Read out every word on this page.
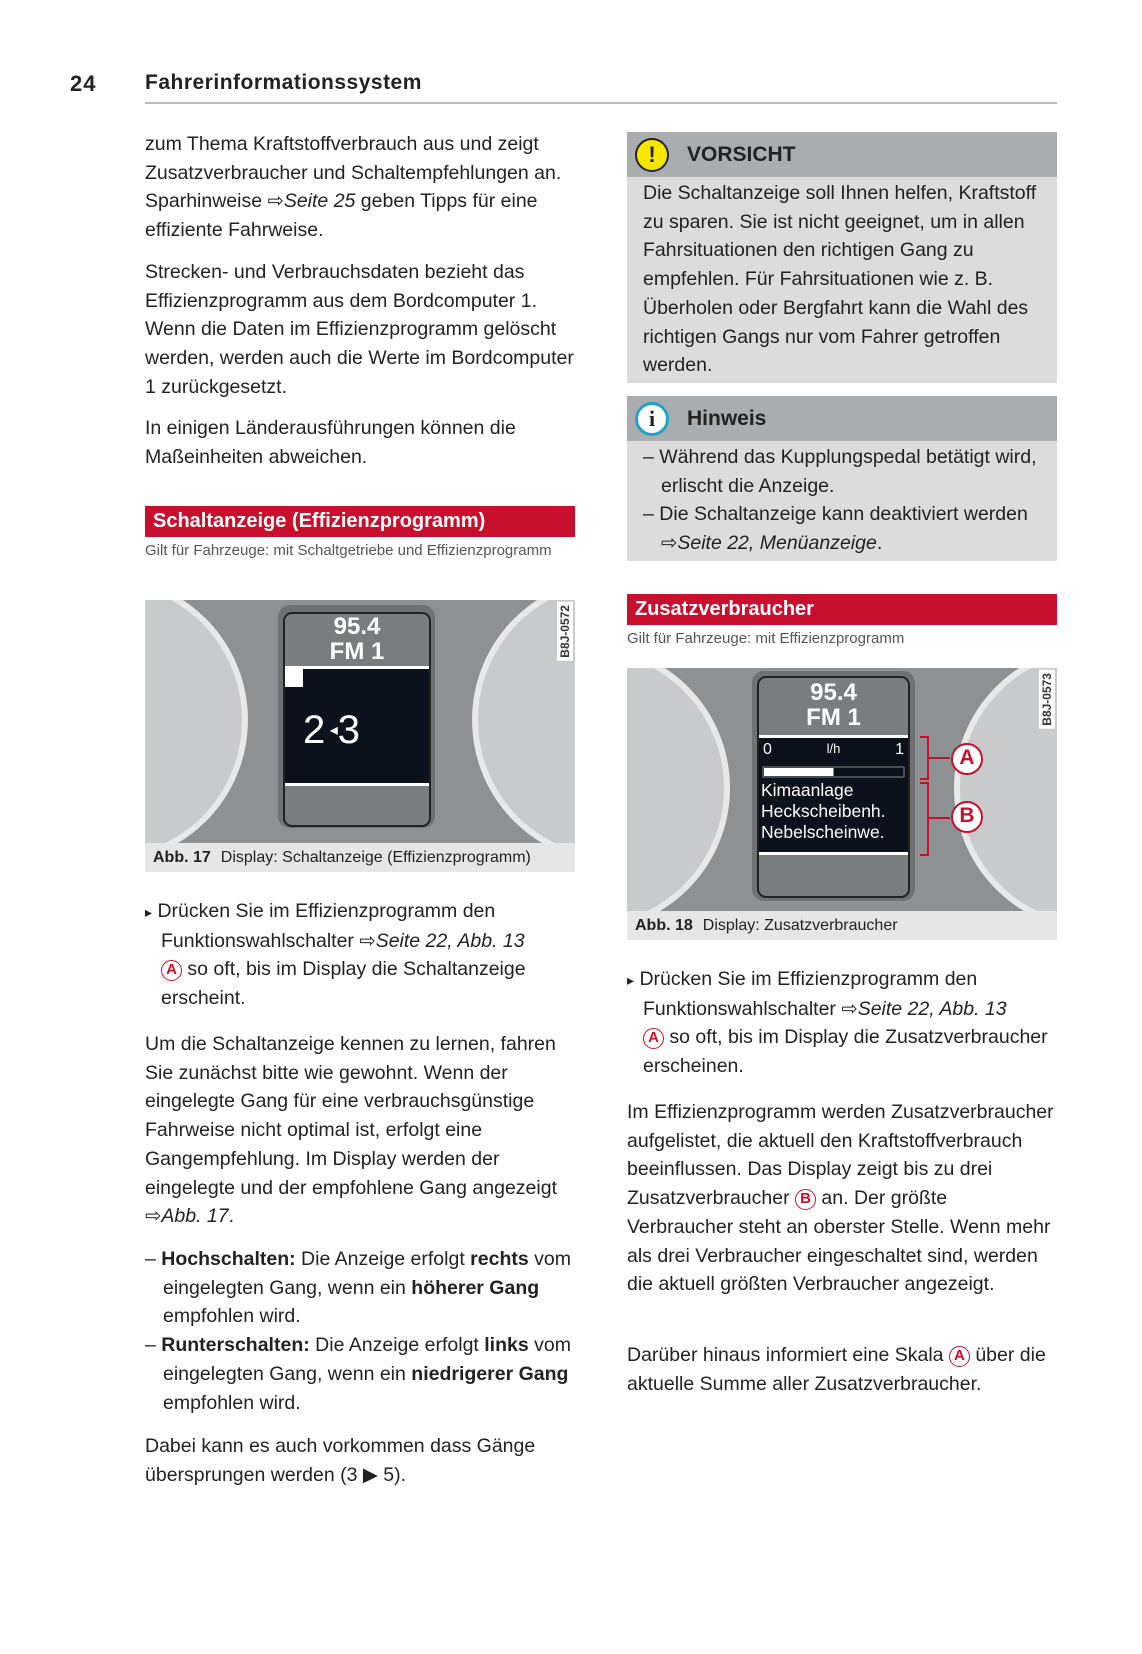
24 Fahrerinformationssystem

zum Thema Kraftstoffverbrauch aus und zeigt Zusatzverbraucher und Schaltempfehlungen an. Sparhinweise ⇨Seite 25 geben Tipps für eine effiziente Fahrweise.

Strecken- und Verbrauchsdaten bezieht das Effizienzprogramm aus dem Bordcomputer 1. Wenn die Daten im Effizienzprogramm gelöscht werden, werden auch die Werte im Bordcomputer 1 zurückgesetzt.

In einigen Länderausführungen können die Maßeinheiten abweichen.

Schaltanzeige (Effizienzprogramm)
Gilt für Fahrzeuge: mit Schaltgetriebe und Effizienzprogramm
95.4
FM 1
2 ◂3
B8J-0572
Abb. 17 Display: Schaltanzeige (Effizienzprogramm)

▸ Drücken Sie im Effizienzprogramm den Funktionswahlschalter ⇨Seite 22, Abb. 13
A so oft, bis im Display die Schaltanzeige erscheint.

Um die Schaltanzeige kennen zu lernen, fahren Sie zunächst bitte wie gewohnt. Wenn der eingelegte Gang für eine verbrauchsgünstige Fahrweise nicht optimal ist, erfolgt eine Gangempfehlung. Im Display werden der eingelegte und der empfohlene Gang angezeigt ⇨Abb. 17.

– Hochschalten: Die Anzeige erfolgt rechts vom eingelegten Gang, wenn ein höherer Gang empfohlen wird.

– Runterschalten: Die Anzeige erfolgt links vom eingelegten Gang, wenn ein niedrigerer Gang empfohlen wird.

Dabei kann es auch vorkommen dass Gänge übersprungen werden (3 ▶ 5).

!	VORSICHT
Die Schaltanzeige soll Ihnen helfen, Kraftstoff zu sparen. Sie ist nicht geeignet, um in allen Fahrsituationen den richtigen Gang zu empfehlen. Für Fahrsituationen wie z. B. Überholen oder Bergfahrt kann die Wahl des richtigen Gangs nur vom Fahrer getroffen werden.
i	Hinweis

– Während das Kupplungspedal betätigt wird, erlischt die Anzeige.

– Die Schaltanzeige kann deaktiviert werden ⇨Seite 22, Menüanzeige.

Zusatzverbraucher
Gilt für Fahrzeuge: mit Effizienzprogramm
95.4
FM 1
0	l/h	1
Kimaanlage
Heckscheibenh.
Nebelscheinwe.
A
B
B8J-0573
Abb. 18 Display: Zusatzverbraucher

▸ Drücken Sie im Effizienzprogramm den Funktionswahlschalter ⇨Seite 22, Abb. 13
A so oft, bis im Display die Zusatzverbraucher erscheinen.

Im Effizienzprogramm werden Zusatzverbraucher aufgelistet, die aktuell den Kraftstoffverbrauch beeinflussen. Das Display zeigt bis zu drei Zusatzverbraucher B an. Der größte Verbraucher steht an oberster Stelle. Wenn mehr als drei Verbraucher eingeschaltet sind, werden die aktuell größten Verbraucher angezeigt.

Darüber hinaus informiert eine Skala A über die aktuelle Summe aller Zusatzverbraucher.
